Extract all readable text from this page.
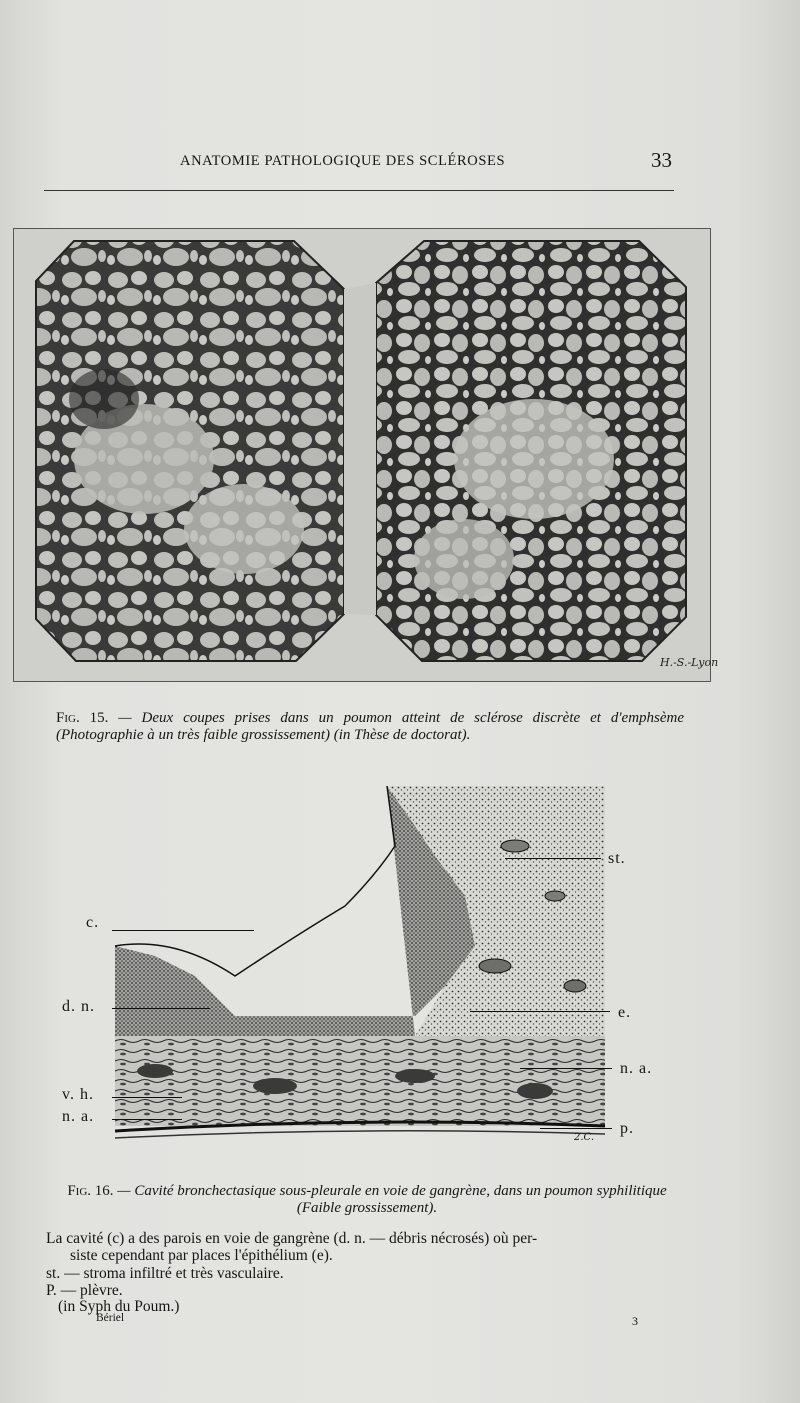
ANATOMIE PATHOLOGIQUE DES SCLÉROSES	33
H.-S.-Lyon
Fig. 15. — Deux coupes prises dans un poumon atteint de sclérose discrète et d'emphsème (Photographie à un très faible grossissement) (in Thèse de doctorat).
st.
c.
d. n.	e.
n. a.
v. h.
n. a.
p.
2.C.
Fig. 16. — Cavité bronchectasique sous-pleurale en voie de gangrène, dans un poumon syphilitique (Faible grossissement).
La cavité (c) a des parois en voie de gangrène (d. n. — débris nécrosés) où per-
siste cependant par places l'épithélium (e).
st. — stroma infiltré et très vasculaire.
P. — plèvre.
(in Syph du Poum.)
Bériel	3
